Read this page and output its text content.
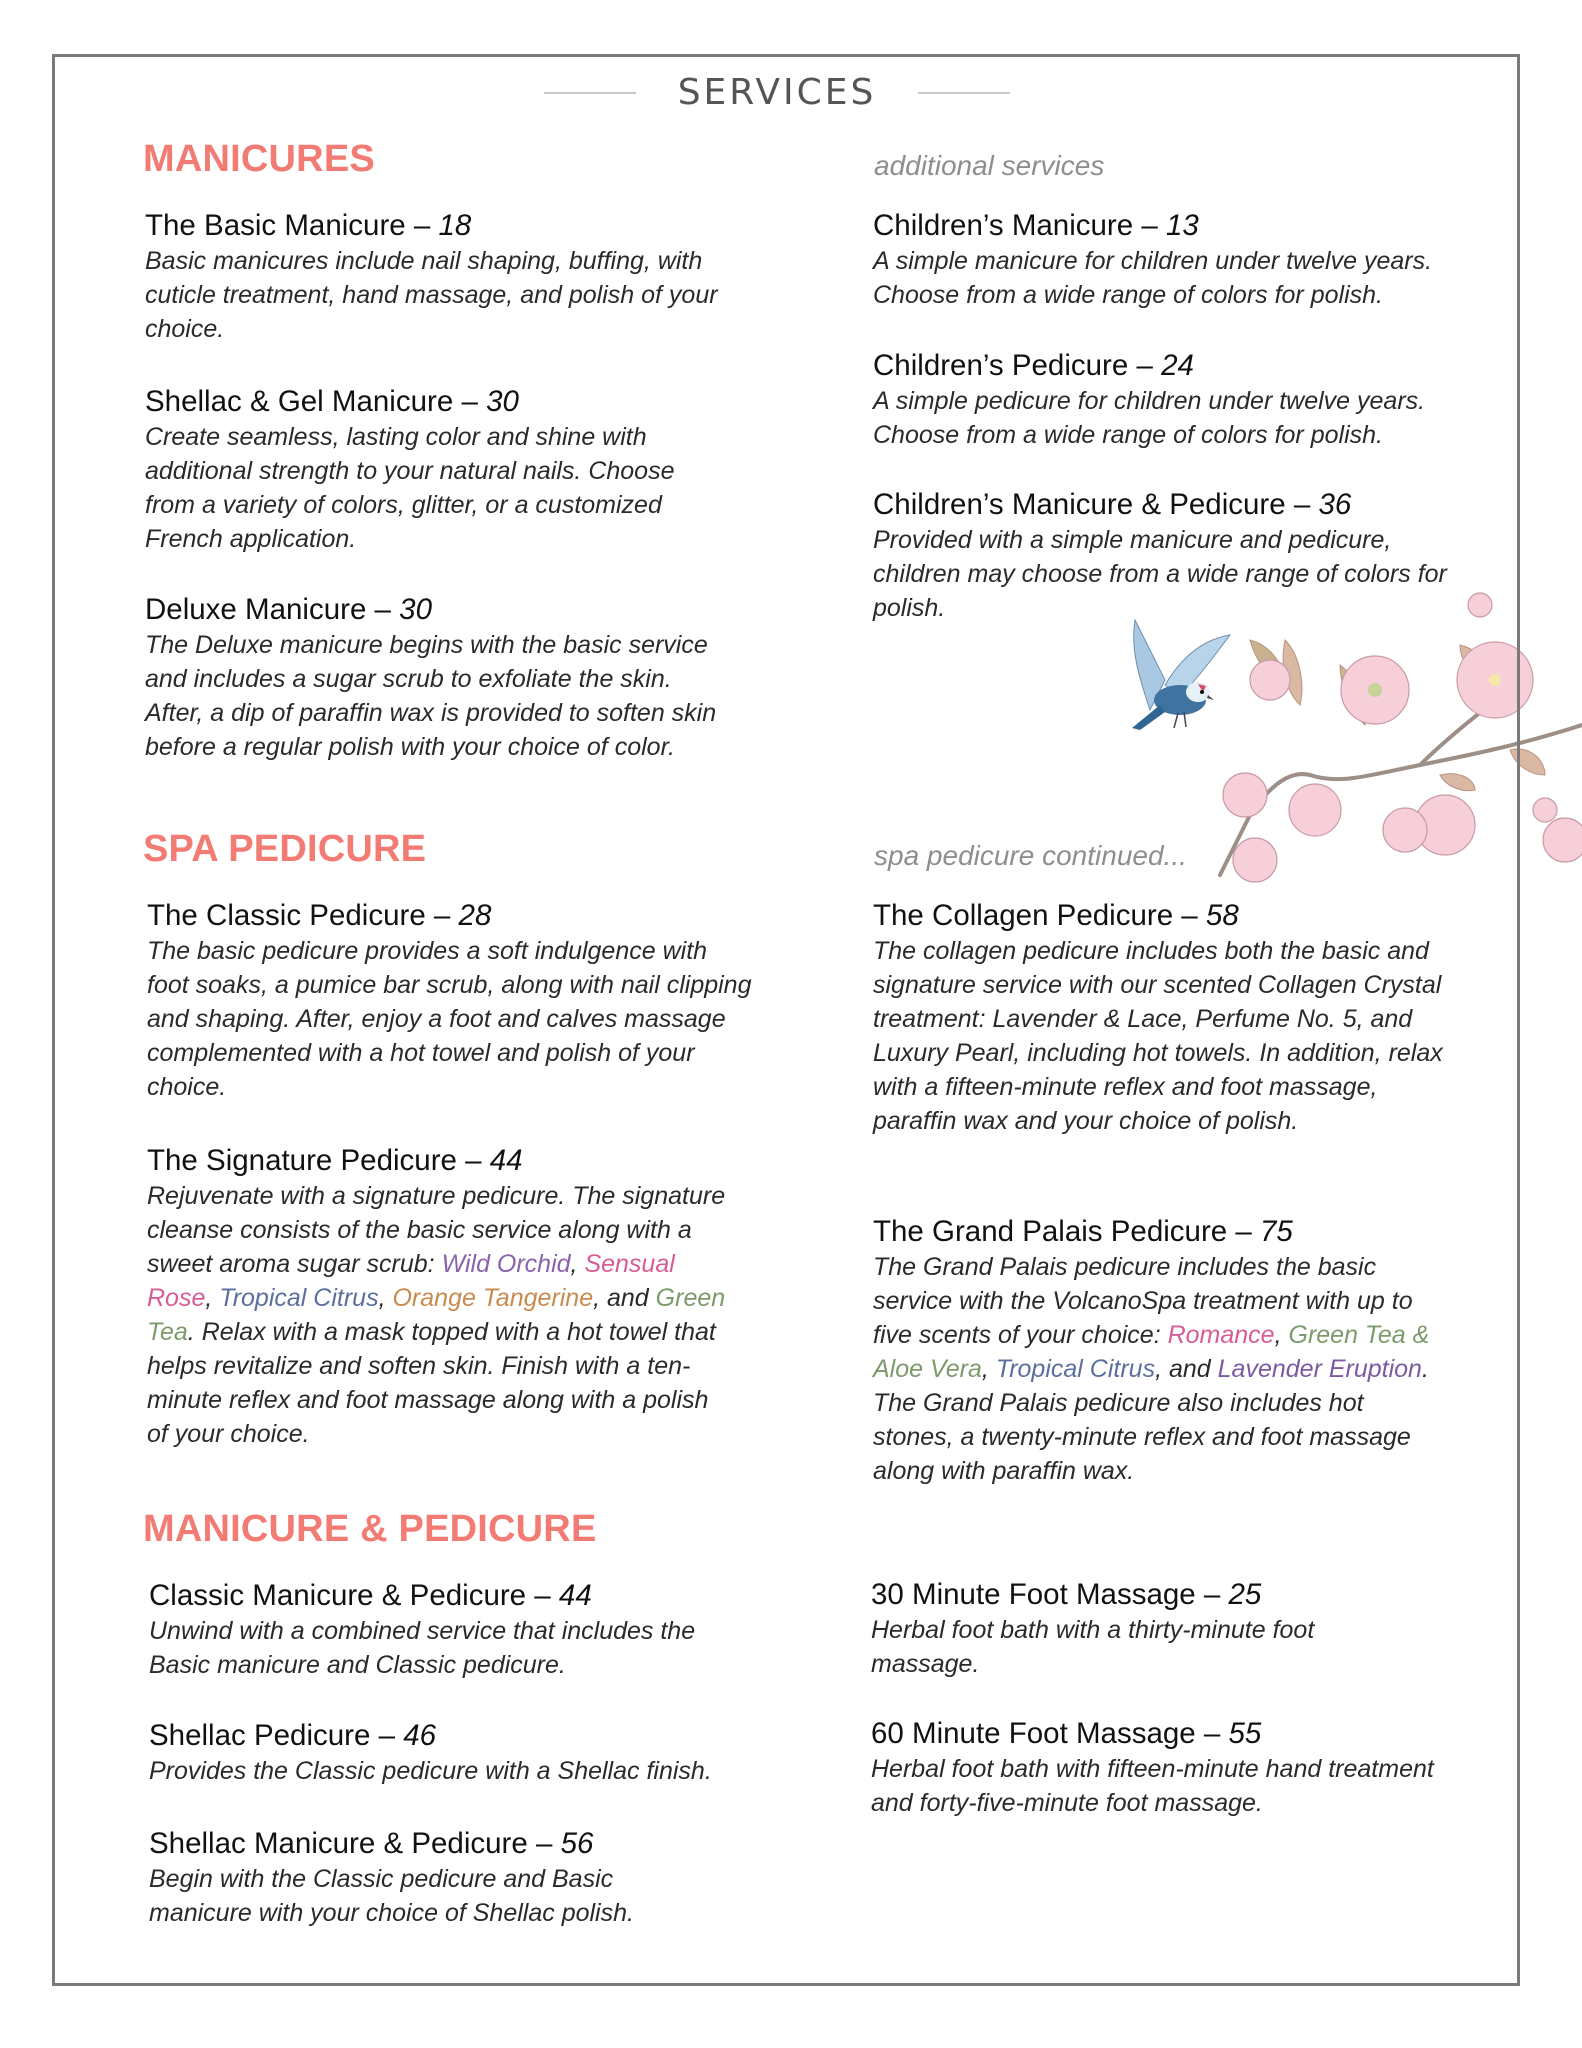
SERVICES
MANICURES
The Basic Manicure – 18
Basic manicures include nail shaping, buffing, with cuticle treatment, hand massage, and polish of your choice.
Shellac & Gel Manicure – 30
Create seamless, lasting color and shine with additional strength to your natural nails. Choose from a variety of colors, glitter, or a customized French application.
Deluxe Manicure – 30
The Deluxe manicure begins with the basic service and includes a sugar scrub to exfoliate the skin. After, a dip of paraffin wax is provided to soften skin before a regular polish with your choice of color.
additional services
Children’s Manicure – 13
A simple manicure for children under twelve years. Choose from a wide range of colors for polish.
Children’s Pedicure – 24
A simple pedicure for children under twelve years. Choose from a wide range of colors for polish.
Children’s Manicure & Pedicure – 36
Provided with a simple manicure and pedicure, children may choose from a wide range of colors for polish.
SPA PEDICURE	spa pedicure continued...
The Classic Pedicure – 28
The basic pedicure provides a soft indulgence with foot soaks, a pumice bar scrub, along with nail clipping and shaping. After, enjoy a foot and calves massage complemented with a hot towel and polish of your choice.
The Signature Pedicure – 44
Rejuvenate with a signature pedicure. The signature cleanse consists of the basic service along with a sweet aroma sugar scrub: Wild Orchid, Sensual Rose, Tropical Citrus, Orange Tangerine, and Green Tea. Relax with a mask topped with a hot towel that helps revitalize and soften skin. Finish with a ten-minute reflex and foot massage along with a polish of your choice.
The Collagen Pedicure – 58
The collagen pedicure includes both the basic and signature service with our scented Collagen Crystal treatment: Lavender & Lace, Perfume No. 5, and Luxury Pearl, including hot towels. In addition, relax with a fifteen-minute reflex and foot massage, paraffin wax and your choice of polish.
The Grand Palais Pedicure – 75
The Grand Palais pedicure includes the basic service with the VolcanoSpa treatment with up to five scents of your choice: Romance, Green Tea & Aloe Vera, Tropical Citrus, and Lavender Eruption. The Grand Palais pedicure also includes hot stones, a twenty-minute reflex and foot massage along with paraffin wax.
MANICURE & PEDICURE
Classic Manicure & Pedicure – 44
Unwind with a combined service that includes the Basic manicure and Classic pedicure.
Shellac Pedicure – 46
Provides the Classic pedicure with a Shellac finish.
Shellac Manicure & Pedicure – 56
Begin with the Classic pedicure and Basic manicure with your choice of Shellac polish.
30 Minute Foot Massage – 25
Herbal foot bath with a thirty-minute foot massage.
60 Minute Foot Massage – 55
Herbal foot bath with fifteen-minute hand treatment and forty-five-minute foot massage.
